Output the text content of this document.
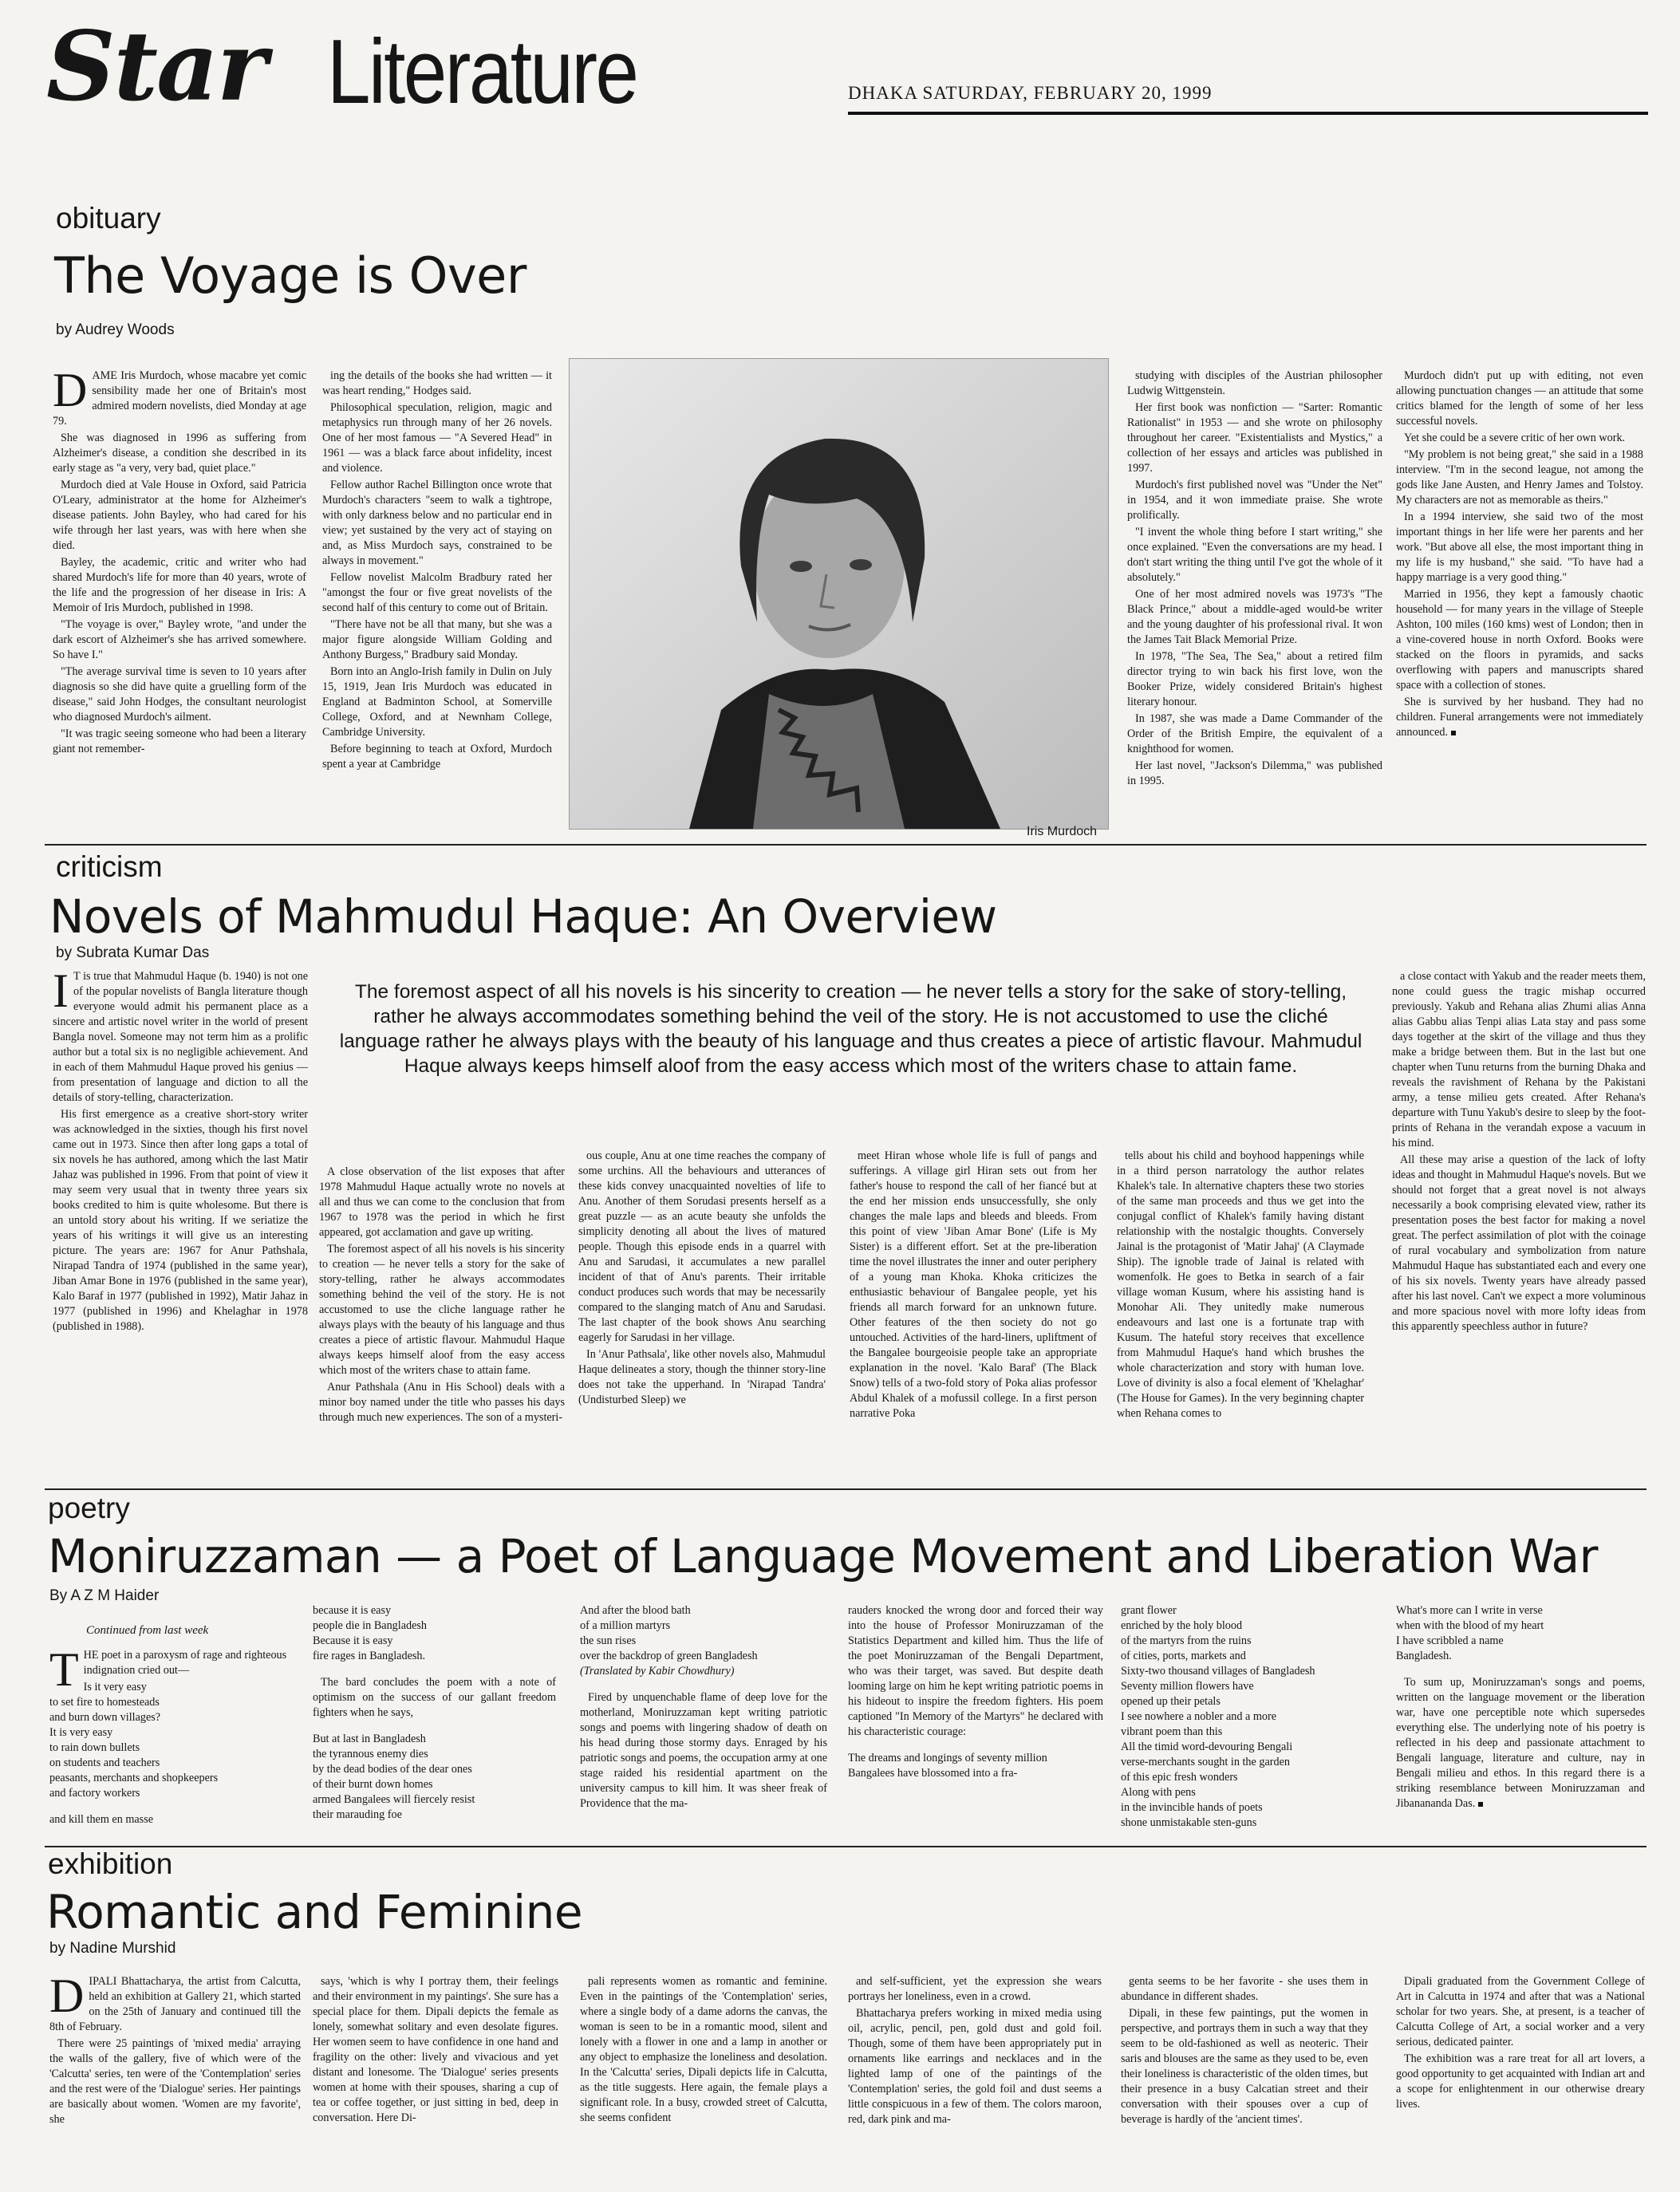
Star Literature	DHAKA SATURDAY, FEBRUARY 20, 1999
obituary
The Voyage is Over
by Audrey Woods

DAME Iris Murdoch, whose macabre yet comic sensibility made her one of Britain's most admired modern novelists, died Monday at age 79.

She was diagnosed in 1996 as suffering from Alzheimer's disease, a condition she described in its early stage as "a very, very bad, quiet place."

Murdoch died at Vale House in Oxford, said Patricia O'Leary, administrator at the home for Alzheimer's disease patients. John Bayley, who had cared for his wife through her last years, was with here when she died.

Bayley, the academic, critic and writer who had shared Murdoch's life for more than 40 years, wrote of the life and the progression of her disease in Iris: A Memoir of Iris Murdoch, published in 1998.

"The voyage is over," Bayley wrote, "and under the dark escort of Alzheimer's she has arrived somewhere. So have I."

"The average survival time is seven to 10 years after diagnosis so she did have quite a gruelling form of the disease," said John Hodges, the consultant neurologist who diagnosed Murdoch's ailment.

"It was tragic seeing someone who had been a literary giant not remember-

ing the details of the books she had written — it was heart rending," Hodges said.

Philosophical speculation, religion, magic and metaphysics run through many of her 26 novels. One of her most famous — "A Severed Head" in 1961 — was a black farce about infidelity, incest and violence.

Fellow author Rachel Billington once wrote that Murdoch's characters "seem to walk a tightrope, with only darkness below and no particular end in view; yet sustained by the very act of staying on and, as Miss Murdoch says, constrained to be always in movement."

Fellow novelist Malcolm Bradbury rated her "amongst the four or five great novelists of the second half of this century to come out of Britain.

"There have not be all that many, but she was a major figure alongside William Golding and Anthony Burgess," Bradbury said Monday.

Born into an Anglo-Irish family in Dulin on July 15, 1919, Jean Iris Murdoch was educated in England at Badminton School, at Somerville College, Oxford, and at Newnham College, Cambridge University.

Before beginning to teach at Oxford, Murdoch spent a year at Cambridge

Iris Murdoch

studying with disciples of the Austrian philosopher Ludwig Wittgenstein.

Her first book was nonfiction — "Sarter: Romantic Rationalist" in 1953 — and she wrote on philosophy throughout her career. "Existentialists and Mystics," a collection of her essays and articles was published in 1997.

Murdoch's first published novel was "Under the Net" in 1954, and it won immediate praise. She wrote prolifically.

"I invent the whole thing before I start writing," she once explained. "Even the conversations are my head. I don't start writing the thing until I've got the whole of it absolutely."

One of her most admired novels was 1973's "The Black Prince," about a middle-aged would-be writer and the young daughter of his professional rival. It won the James Tait Black Memorial Prize.

In 1978, "The Sea, The Sea," about a retired film director trying to win back his first love, won the Booker Prize, widely considered Britain's highest literary honour.

In 1987, she was made a Dame Commander of the Order of the British Empire, the equivalent of a knighthood for women.

Her last novel, "Jackson's Dilemma," was published in 1995.

Murdoch didn't put up with editing, not even allowing punctuation changes — an attitude that some critics blamed for the length of some of her less successful novels.

Yet she could be a severe critic of her own work.

"My problem is not being great," she said in a 1988 interview. "I'm in the second league, not among the gods like Jane Austen, and Henry James and Tolstoy. My characters are not as memorable as theirs."

In a 1994 interview, she said two of the most important things in her life were her parents and her work. "But above all else, the most important thing in my life is my husband," she said. "To have had a happy marriage is a very good thing."

Married in 1956, they kept a famously chaotic household — for many years in the village of Steeple Ashton, 100 miles (160 kms) west of London; then in a vine-covered house in north Oxford. Books were stacked on the floors in pyramids, and sacks overflowing with papers and manuscripts shared space with a collection of stones.

She is survived by her husband. They had no children. Funeral arrangements were not immediately announced.

criticism
Novels of Mahmudul Haque: An Overview
by Subrata Kumar Das

I T is true that Mahmudul Haque (b. 1940) is not one of the popular novelists of Bangla literature though everyone would admit his permanent place as a sincere and artistic novel writer in the world of present Bangla novel. Someone may not term him as a prolific author but a total six is no negligible achievement. And in each of them Mahmudul Haque proved his genius — from presentation of language and diction to all the details of story-telling, characterization.

His first emergence as a creative short-story writer was acknowledged in the sixties, though his first novel came out in 1973. Since then after long gaps a total of six novels he has authored, among which the last Matir Jahaz was published in 1996. From that point of view it may seem very usual that in twenty three years six books credited to him is quite wholesome. But there is an untold story about his writing. If we seriatize the years of his writings it will give us an interesting picture. The years are: 1967 for Anur Pathshala, Nirapad Tandra of 1974 (published in the same year), Jiban Amar Bone in 1976 (published in the same year), Kalo Baraf in 1977 (published in 1992), Matir Jahaz in 1977 (published in 1996) and Khelaghar in 1978 (published in 1988).

The foremost aspect of all his novels is his sincerity to creation — he never tells a story for the sake of story-telling, rather he always accommodates something behind the veil of the story. He is not accustomed to use the cliché language rather he always plays with the beauty of his language and thus creates a piece of artistic flavour. Mahmudul Haque always keeps himself aloof from the easy access which most of the writers chase to attain fame.

A close observation of the list exposes that after 1978 Mahmudul Haque actually wrote no novels at all and thus we can come to the conclusion that from 1967 to 1978 was the period in which he first appeared, got acclamation and gave up writing.

The foremost aspect of all his novels is his sincerity to creation — he never tells a story for the sake of story-telling, rather he always accommodates something behind the veil of the story. He is not accustomed to use the cliche language rather he always plays with the beauty of his language and thus creates a piece of artistic flavour. Mahmudul Haque always keeps himself aloof from the easy access which most of the writers chase to attain fame.

Anur Pathshala (Anu in His School) deals with a minor boy named under the title who passes his days through much new experiences. The son of a mysteri-

ous couple, Anu at one time reaches the company of some urchins. All the behaviours and utterances of these kids convey unacquainted novelties of life to Anu. Another of them Sorudasi presents herself as a great puzzle — as an acute beauty she unfolds the simplicity denoting all about the lives of matured people. Though this episode ends in a quarrel with Anu and Sarudasi, it accumulates a new parallel incident of that of Anu's parents. Their irritable conduct produces such words that may be necessarily compared to the slanging match of Anu and Sarudasi. The last chapter of the book shows Anu searching eagerly for Sarudasi in her village.

In 'Anur Pathsala', like other novels also, Mahmudul Haque delineates a story, though the thinner story-line does not take the upperhand. In 'Nirapad Tandra' (Undisturbed Sleep) we

meet Hiran whose whole life is full of pangs and sufferings. A village girl Hiran sets out from her father's house to respond the call of her fiancé but at the end her mission ends unsuccessfully, she only changes the male laps and bleeds and bleeds. From this point of view 'Jiban Amar Bone' (Life is My Sister) is a different effort. Set at the pre-liberation time the novel illustrates the inner and outer periphery of a young man Khoka. Khoka criticizes the enthusiastic behaviour of Bangalee people, yet his friends all march forward for an unknown future. Other features of the then society do not go untouched. Activities of the hard-liners, upliftment of the Bangalee bourgeoisie people take an appropriate explanation in the novel. 'Kalo Baraf' (The Black Snow) tells of a two-fold story of Poka alias professor Abdul Khalek of a mofussil college. In a first person narrative Poka

tells about his child and boyhood happenings while in a third person narratology the author relates Khalek's tale. In alternative chapters these two stories of the same man proceeds and thus we get into the conjugal conflict of Khalek's family having distant relationship with the nostalgic thoughts. Conversely Jainal is the protagonist of 'Matir Jahaj' (A Claymade Ship). The ignoble trade of Jainal is related with womenfolk. He goes to Betka in search of a fair village woman Kusum, where his assisting hand is Monohar Ali. They unitedly make numerous endeavours and last one is a fortunate trap with Kusum. The hateful story receives that excellence from Mahmudul Haque's hand which brushes the whole characterization and story with human love. Love of divinity is also a focal element of 'Khelaghar' (The House for Games). In the very beginning chapter when Rehana comes to

a close contact with Yakub and the reader meets them, none could guess the tragic mishap occurred previously. Yakub and Rehana alias Zhumi alias Anna alias Gabbu alias Tenpi alias Lata stay and pass some days together at the skirt of the village and thus they make a bridge between them. But in the last but one chapter when Tunu returns from the burning Dhaka and reveals the ravishment of Rehana by the Pakistani army, a tense milieu gets created. After Rehana's departure with Tunu Yakub's desire to sleep by the foot-prints of Rehana in the verandah expose a vacuum in his mind.

All these may arise a question of the lack of lofty ideas and thought in Mahmudul Haque's novels. But we should not forget that a great novel is not always necessarily a book comprising elevated view, rather its presentation poses the best factor for making a novel great. The perfect assimilation of plot with the coinage of rural vocabulary and symbolization from nature Mahmudul Haque has substantiated each and every one of his six novels. Twenty years have already passed after his last novel. Can't we expect a more voluminous and more spacious novel with more lofty ideas from this apparently speechless author in future?

poetry
Moniruzzaman — a Poet of Language Movement and Liberation War
By A Z M Haider
Continued from last week
T HE poet in a paroxysm of rage and righteous indignation cried out—

Is it very easy

to set fire to homesteads

and burn down villages?

It is very easy

to rain down bullets

on students and teachers

peasants, merchants and shopkeepers

and factory workers

and kill them en masse

because it is easy

people die in Bangladesh

Because it is easy

fire rages in Bangladesh.

The bard concludes the poem with a note of optimism on the success of our gallant freedom fighters when he says,

But at last in Bangladesh

the tyrannous enemy dies

by the dead bodies of the dear ones

of their burnt down homes

armed Bangalees will fiercely resist

their marauding foe

And after the blood bath

of a million martyrs

the sun rises

over the backdrop of green Bangladesh

(Translated by Kabir Chowdhury)

Fired by unquenchable flame of deep love for the motherland, Moniruzzaman kept writing patriotic songs and poems with lingering shadow of death on his head during those stormy days. Enraged by his patriotic songs and poems, the occupation army at one stage raided his residential apartment on the university campus to kill him. It was sheer freak of Providence that the ma-

rauders knocked the wrong door and forced their way into the house of Professor Moniruzzaman of the Statistics Department and killed him. Thus the life of the poet Moniruzzaman of the Bengali Department, who was their target, was saved. But despite death looming large on him he kept writing patriotic poems in his hideout to inspire the freedom fighters. His poem captioned "In Memory of the Martyrs" he declared with his characteristic courage:

The dreams and longings of seventy million

Bangalees have blossomed into a fra-

grant flower

enriched by the holy blood

of the martyrs from the ruins

of cities, ports, markets and

Sixty-two thousand villages of Bangladesh

Seventy million flowers have

opened up their petals

I see nowhere a nobler and a more

vibrant poem than this

All the timid word-devouring Bengali

verse-merchants sought in the garden

of this epic fresh wonders

Along with pens

in the invincible hands of poets

shone unmistakable sten-guns

What's more can I write in verse

when with the blood of my heart

I have scribbled a name

Bangladesh.

To sum up, Moniruzzaman's songs and poems, written on the language movement or the liberation war, have one perceptible note which supersedes everything else. The underlying note of his poetry is reflected in his deep and passionate attachment to Bengali language, literature and culture, nay in Bengali milieu and ethos. In this regard there is a striking resemblance between Moniruzzaman and Jibanananda Das.

exhibition
Romantic and Feminine
by Nadine Murshid

DIPALI Bhattacharya, the artist from Calcutta, held an exhibition at Gallery 21, which started on the 25th of January and continued till the 8th of February.

There were 25 paintings of 'mixed media' arraying the walls of the gallery, five of which were of the 'Calcutta' series, ten were of the 'Contemplation' series and the rest were of the 'Dialogue' series. Her paintings are basically about women. 'Women are my favorite', she

says, 'which is why I portray them, their feelings and their environment in my paintings'. She sure has a special place for them. Dipali depicts the female as lonely, somewhat solitary and even desolate figures. Her women seem to have confidence in one hand and fragility on the other: lively and vivacious and yet distant and lonesome. The 'Dialogue' series presents women at home with their spouses, sharing a cup of tea or coffee together, or just sitting in bed, deep in conversation. Here Di-

pali represents women as romantic and feminine. Even in the paintings of the 'Contemplation' series, where a single body of a dame adorns the canvas, the woman is seen to be in a romantic mood, silent and lonely with a flower in one and a lamp in another or any object to emphasize the loneliness and desolation. In the 'Calcutta' series, Dipali depicts life in Calcutta, as the title suggests. Here again, the female plays a significant role. In a busy, crowded street of Calcutta, she seems confident

and self-sufficient, yet the expression she wears portrays her loneliness, even in a crowd.

Bhattacharya prefers working in mixed media using oil, acrylic, pencil, pen, gold dust and gold foil. Though, some of them have been appropriately put in ornaments like earrings and necklaces and in the lighted lamp of one of the paintings of the 'Contemplation' series, the gold foil and dust seems a little conspicuous in a few of them. The colors maroon, red, dark pink and ma-

genta seems to be her favorite - she uses them in abundance in different shades.

Dipali, in these few paintings, put the women in perspective, and portrays them in such a way that they seem to be old-fashioned as well as neoteric. Their saris and blouses are the same as they used to be, even their loneliness is characteristic of the olden times, but their presence in a busy Calcatian street and their conversation with their spouses over a cup of beverage is hardly of the 'ancient times'.

Dipali graduated from the Government College of Art in Calcutta in 1974 and after that was a National scholar for two years. She, at present, is a teacher of Calcutta College of Art, a social worker and a very serious, dedicated painter.

The exhibition was a rare treat for all art lovers, a good opportunity to get acquainted with Indian art and a scope for enlightenment in our otherwise dreary lives.
